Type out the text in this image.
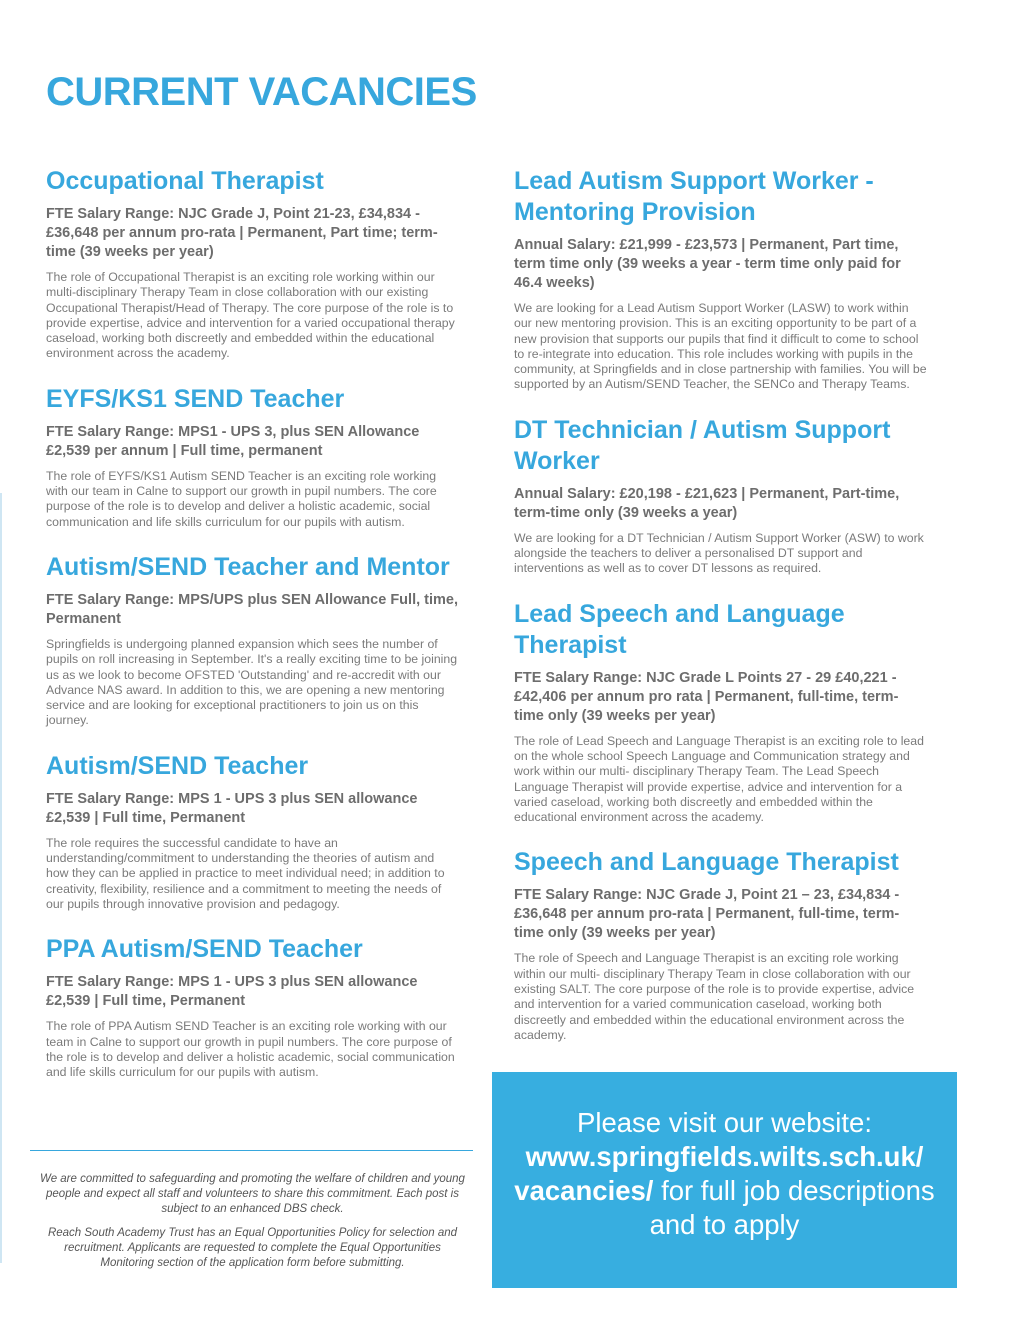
CURRENT VACANCIES
Occupational Therapist

FTE Salary Range: NJC Grade J, Point 21-23, £34,834 - £36,648 per annum pro-rata | Permanent, Part time; term-time (39 weeks per year)

The role of Occupational Therapist is an exciting role working within our multi-disciplinary Therapy Team in close collaboration with our existing Occupational Therapist/Head of Therapy. The core purpose of the role is to provide expertise, advice and intervention for a varied occupational therapy caseload, working both discreetly and embedded within the educational environment across the academy.

EYFS/KS1 SEND Teacher

FTE Salary Range: MPS1 - UPS 3, plus SEN Allowance £2,539 per annum | Full time, permanent

The role of EYFS/KS1 Autism SEND Teacher is an exciting role working with our team in Calne to support our growth in pupil numbers. The core purpose of the role is to develop and deliver a holistic academic, social communication and life skills curriculum for our pupils with autism.

Autism/SEND Teacher and Mentor

FTE Salary Range: MPS/UPS plus SEN Allowance Full, time, Permanent

Springfields is undergoing planned expansion which sees the number of pupils on roll increasing in September. It's a really exciting time to be joining us as we look to become OFSTED 'Outstanding' and re-accredit with our Advance NAS award. In addition to this, we are opening a new mentoring service and are looking for exceptional practitioners to join us on this journey.

Autism/SEND Teacher

FTE Salary Range: MPS 1 - UPS 3 plus SEN allowance £2,539 | Full time, Permanent

The role requires the successful candidate to have an understanding/commitment to understanding the theories of autism and how they can be applied in practice to meet individual need; in addition to creativity, flexibility, resilience and a commitment to meeting the needs of our pupils through innovative provision and pedagogy.

PPA Autism/SEND Teacher

FTE Salary Range: MPS 1 - UPS 3 plus SEN allowance £2,539 | Full time, Permanent

The role of PPA Autism SEND Teacher is an exciting role working with our team in Calne to support our growth in pupil numbers. The core purpose of the role is to develop and deliver a holistic academic, social communication and life skills curriculum for our pupils with autism.

Lead Autism Support Worker - Mentoring Provision

Annual Salary: £21,999 - £23,573 | Permanent, Part time, term time only (39 weeks a year - term time only paid for 46.4 weeks)

We are looking for a Lead Autism Support Worker (LASW) to work within our new mentoring provision. This is an exciting opportunity to be part of a new provision that supports our pupils that find it difficult to come to school to re-integrate into education. This role includes working with pupils in the community, at Springfields and in close partnership with families. You will be supported by an Autism/SEND Teacher, the SENCo and Therapy Teams.

DT Technician / Autism Support Worker

Annual Salary: £20,198 - £21,623 | Permanent, Part-time, term-time only (39 weeks a year)

We are looking for a DT Technician / Autism Support Worker (ASW) to work alongside the teachers to deliver a personalised DT support and interventions as well as to cover DT lessons as required.

Lead Speech and Language Therapist

FTE Salary Range: NJC Grade L Points 27 - 29 £40,221 - £42,406 per annum pro rata | Permanent, full-time, term-time only (39 weeks per year)

The role of Lead Speech and Language Therapist is an exciting role to lead on the whole school Speech Language and Communication strategy and work within our multi- disciplinary Therapy Team. The Lead Speech Language Therapist will provide expertise, advice and intervention for a varied caseload, working both discreetly and embedded within the educational environment across the academy.

Speech and Language Therapist

FTE Salary Range: NJC Grade J, Point 21 – 23, £34,834 - £36,648 per annum pro-rata | Permanent, full-time, term-time only (39 weeks per year)

The role of Speech and Language Therapist is an exciting role working within our multi- disciplinary Therapy Team in close collaboration with our existing SALT. The core purpose of the role is to provide expertise, advice and intervention for a varied communication caseload, working both discreetly and embedded within the educational environment across the academy.

We are committed to safeguarding and promoting the welfare of children and young people and expect all staff and volunteers to share this commitment. Each post is subject to an enhanced DBS check.

Reach South Academy Trust has an Equal Opportunities Policy for selection and recruitment. Applicants are requested to complete the Equal Opportunities Monitoring section of the application form before submitting.

Please visit our website:
www.springfields.wilts.sch.uk/ vacancies/ for full job descriptions and to apply
